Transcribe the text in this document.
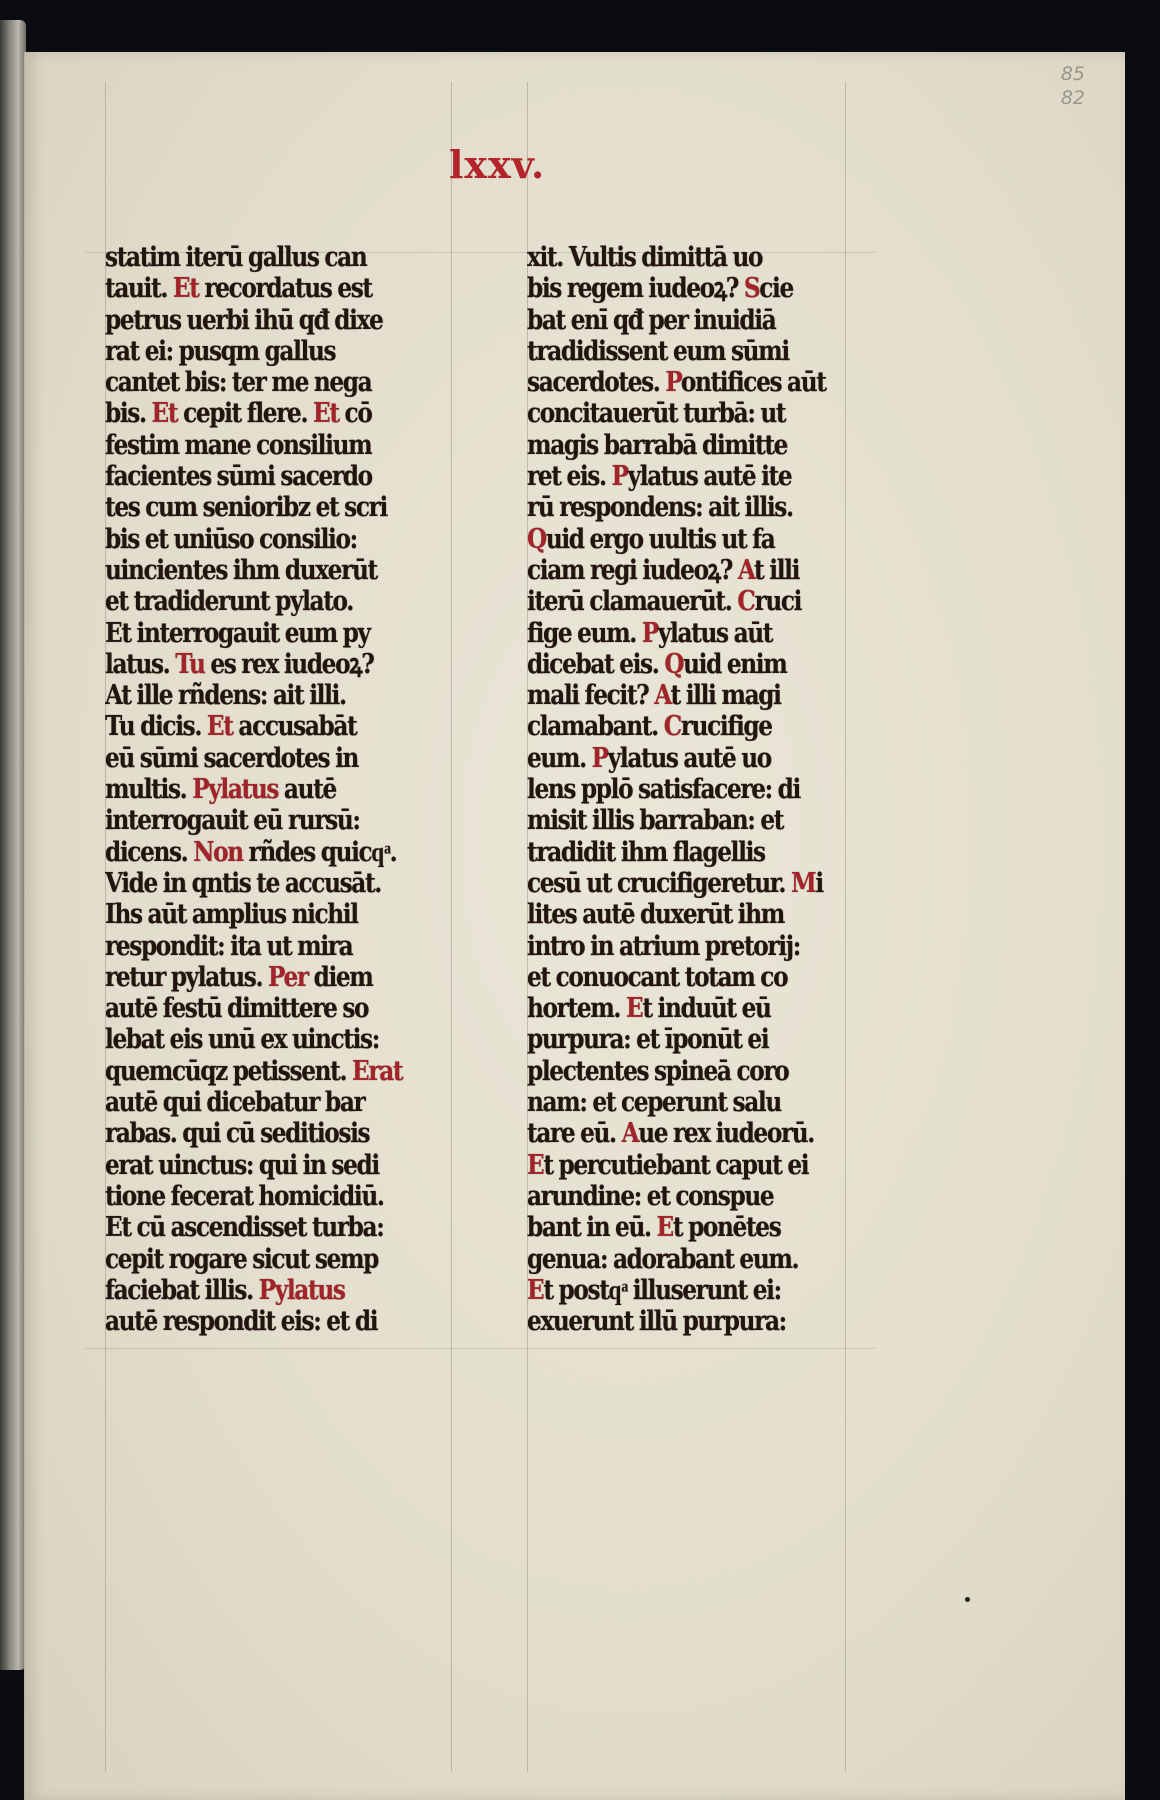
85
82
lxxv.
statim iterū gallus can
tauit. Et recordatus est
petrus uerbi ihū qđ dixe
rat ei: pusqm gallus
cantet bis: ter me nega
bis. Et cepit flere. Et cō
festim mane consilium
facientes sūmi sacerdo
tes cum senioribz et scri
bis et uniūso consilio:
uincientes ihm duxerūt
et tradiderunt pylato.
Et interrogauit eum py
latus. Tu es rex iudeoꝝ?
At ille rñdens: ait illi.
Tu dicis. Et accusabāt
eū sūmi sacerdotes in
multis. Pylatus autē
interrogauit eū rursū:
dicens. Non rñdes quicqͣ.
Vide in qntis te accusāt.
Ihs aūt amplius nichil
respondit: ita ut mira
retur pylatus. Per diem
autē festū dimittere so
lebat eis unū ex uinctis:
quemcūqz petissent. Erat
autē qui dicebatur bar
rabas. qui cū seditiosis
erat uinctus: qui in sedi
tione fecerat homicidiū.
Et cū ascendisset turba:
cepit rogare sicut semp
faciebat illis. Pylatus
autē respondit eis: et di
xit. Vultis dimittā uo
bis regem iudeoꝝ? Scie
bat enī qđ per inuidiā
tradidissent eum sūmi
sacerdotes. Pontifices aūt
concitauerūt turbā: ut
magis barrabā dimitte
ret eis. Pylatus autē ite
rū respondens: ait illis.
Quid ergo uultis ut fa
ciam regi iudeoꝝ? At illi
iterū clamauerūt. Cruci
fige eum. Pylatus aūt
dicebat eis. Quid enim
mali fecit? At illi magi
clamabant. Crucifige
eum. Pylatus autē uo
lens pplō satisfacere: di
misit illis barraban: et
tradidit ihm flagellis
cesū ut crucifigeretur. Mi
lites autē duxerūt ihm
intro in atrium pretorij:
et conuocant totam co
hortem. Et induūt eū
purpura: et īponūt ei
plectentes spineā coro
nam: et ceperunt salu
tare eū. Aue rex iudeorū.
Et percutiebant caput ei
arundine: et conspue
bant in eū. Et ponētes
genua: adorabant eum.
Et postqͣ illuserunt ei:
exuerunt illū purpura:
